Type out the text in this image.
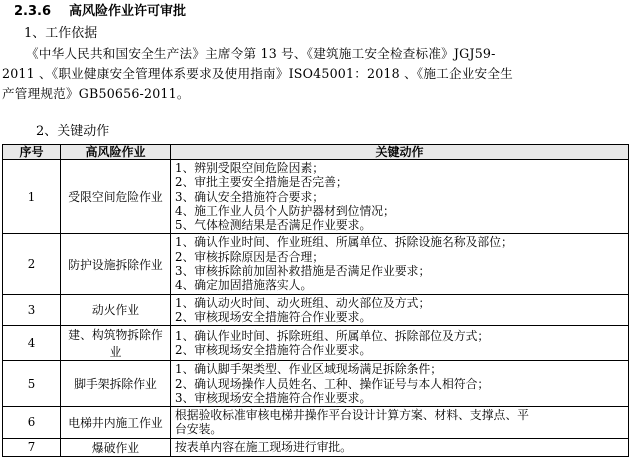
2.3.6 高风险作业许可审批
1、工作依据

《中华人民共和国安全生产法》主席令第 13 号、《建筑施工安全检查标准》JGJ59-

2011 、《职业健康安全管理体系要求及使用指南》ISO45001：2018 、《施工企业安全生

产管理规范》GB50656-2011。

2、关键动作
序号	高风险作业	关键动作
1	受限空间危险作业	1、辨别受限空间危险因素；
2、审批主要安全措施是否完善；
3、确认安全措施符合要求；
4、施工作业人员个人防护器材到位情况；
5、气体检测结果是否满足作业要求。

2	防护设施拆除作业	1、确认作业时间、作业班组、所属单位、拆除设施名称及部位；
2、审核拆除原因是否合理；
3、审核拆除前加固补救措施是否满足作业要求；
4、确定加固措施落实人。

3	动火作业	1、确认动火时间、动火班组、动火部位及方式；
2、审核现场安全措施符合作业要求。

4	建、构筑物拆除作业	1、确认作业时间、拆除班组、所属单位、拆除部位及方式；
2、审核现场安全措施符合作业要求。

5	脚手架拆除作业	1、确认脚手架类型、作业区域现场满足拆除条件；
2、确认现场操作人员姓名、工种、操作证号与本人相符合；
3、审核现场安全措施符合作业要求。

6	电梯井内施工作业	根据验收标准审核电梯井操作平台设计计算方案、材料、支撑点、平
台安装。

7	爆破作业	按表单内容在施工现场进行审批。
